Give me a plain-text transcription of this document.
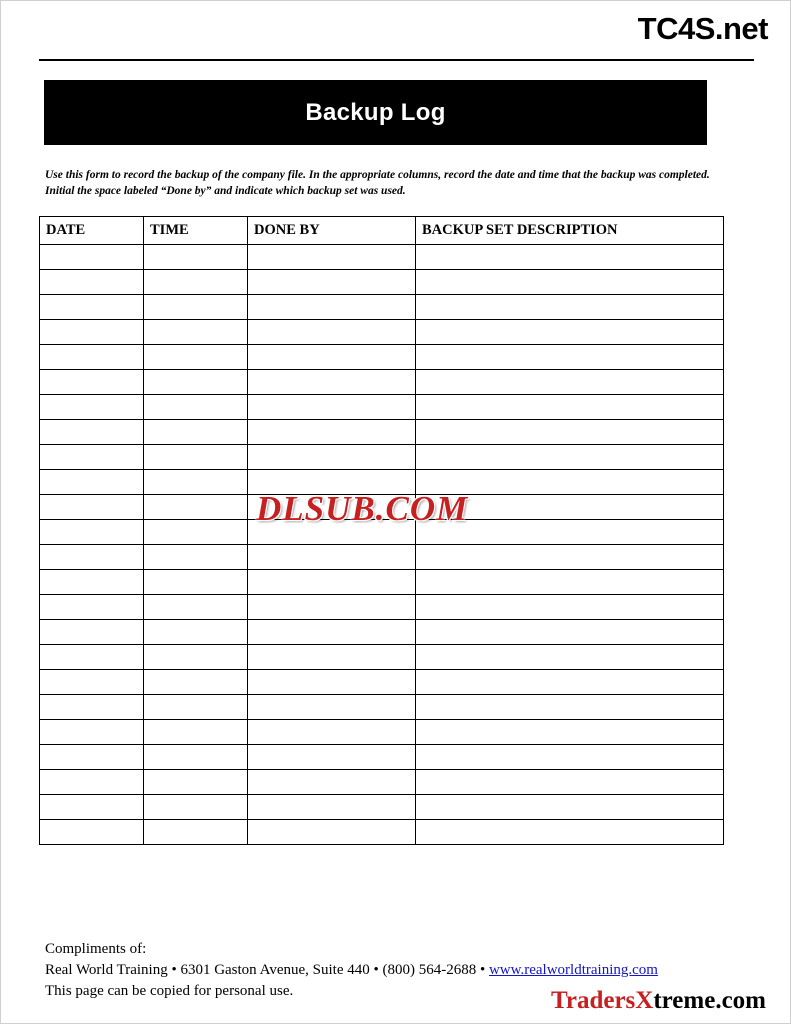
TC4S.net
Backup Log
Use this form to record the backup of the company file. In the appropriate columns, record the date and time that the backup was completed. Initial the space labeled “Done by” and indicate which backup set was used.
DATE	TIME	DONE BY	BACKUP SET DESCRIPTION

DLSUB.COM
Compliments of:
Real World Training • 6301 Gaston Avenue, Suite 440 • (800) 564-2688 • www.realworldtraining.com
This page can be copied for personal use.	TradersXtreme.com
